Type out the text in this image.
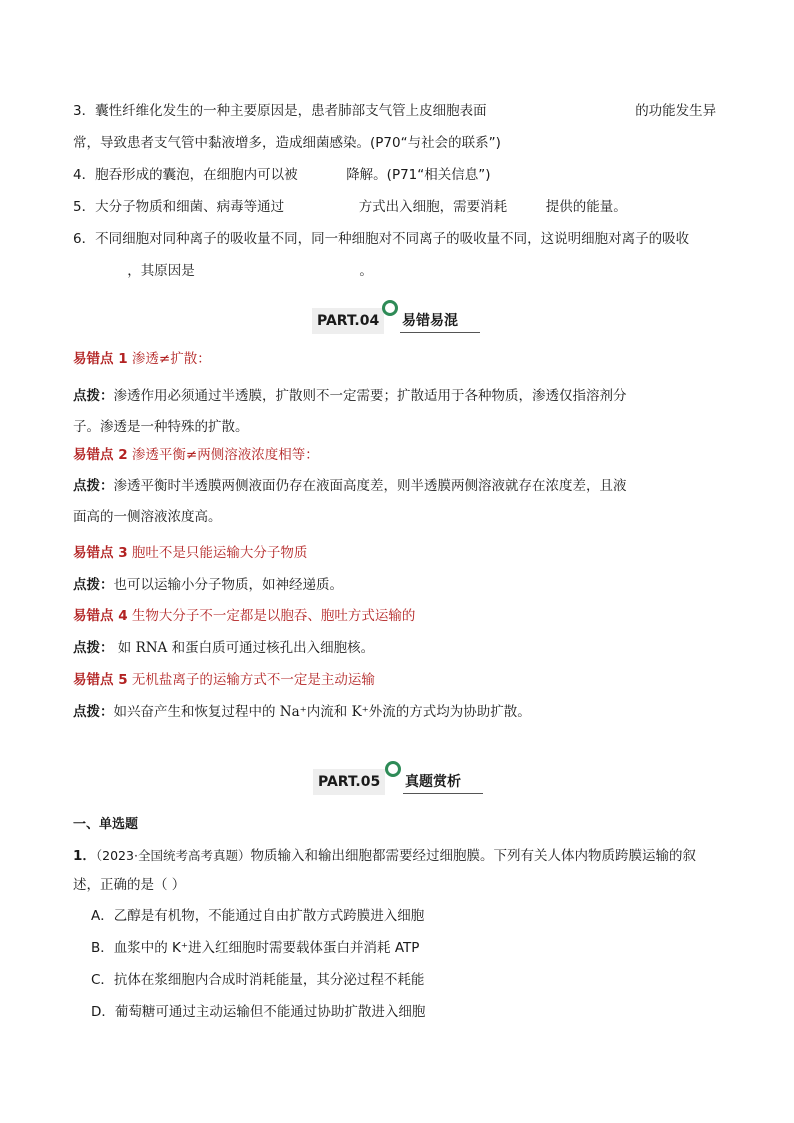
3．囊性纤维化发生的一种主要原因是，患者肺部支气管上皮细胞表面	的功能发生异
常，导致患者支气管中黏液增多，造成细菌感染。(P70“与社会的联系”)
4．胞吞形成的囊泡，在细胞内可以被	降解。(P71“相关信息”)
5．大分子物质和细菌、病毒等通过	方式出入细胞，需要消耗	提供的能量。
6．不同细胞对同种离子的吸收量不同，同一种细胞对不同离子的吸收量不同，这说明细胞对离子的吸收
，其原因是	。
PART.04	易错易混
易错点 1 渗透≠扩散：
点拨：渗透作用必须通过半透膜，扩散则不一定需要；扩散适用于各种物质，渗透仅指溶剂分
子。渗透是一种特殊的扩散。
易错点 2 渗透平衡≠两侧溶液浓度相等：
点拨：渗透平衡时半透膜两侧液面仍存在液面高度差，则半透膜两侧溶液就存在浓度差，且液
面高的一侧溶液浓度高。
易错点 3 胞吐不是只能运输大分子物质
点拨：也可以运输小分子物质，如神经递质。
易错点 4 生物大分子不一定都是以胞吞、胞吐方式运输的
点拨： 如 RNA 和蛋白质可通过核孔出入细胞核。
易错点 5 无机盐离子的运输方式不一定是主动运输
点拨：如兴奋产生和恢复过程中的 Na⁺内流和 K⁺外流的方式均为协助扩散。
PART.05	真题赏析
一、单选题
1．（2023·全国统考高考真题）物质输入和输出细胞都需要经过细胞膜。下列有关人体内物质跨膜运输的叙
述，正确的是（ ）
A．乙醇是有机物，不能通过自由扩散方式跨膜进入细胞
B．血浆中的 K⁺进入红细胞时需要载体蛋白并消耗 ATP
C．抗体在浆细胞内合成时消耗能量，其分泌过程不耗能
D．葡萄糖可通过主动运输但不能通过协助扩散进入细胞
